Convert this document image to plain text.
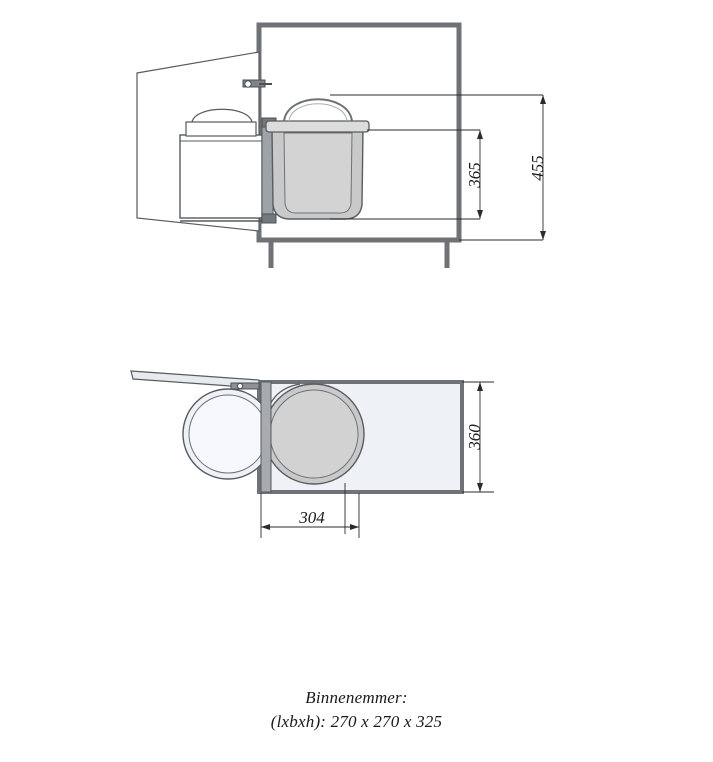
365	455
360
304
Binnenemmer:
(lxbxh): 270 x 270 x 325
